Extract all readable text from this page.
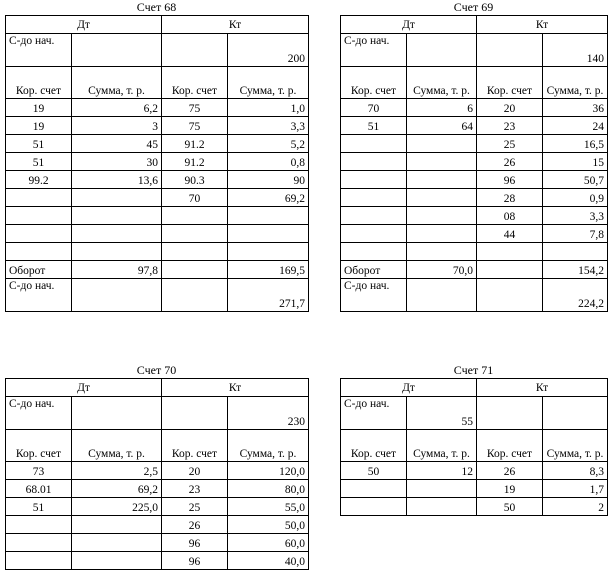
Счет 68
Дт		Кт	
С-до нач.			200
Кор. счет	Сумма, т. р.	Кор. счет	Сумма, т. р.
19	6,2	75	1,0
19	3	75	3,3
51	45	91.2	5,2
51	30	91.2	0,8
99.2	13,6	90.3	90
		70	69,2

Оборот	97,8		169,5
С-до нач.			271,7
Счет 69
Дт		Кт	
С-до нач.			140
Кор. счет	Сумма, т. р.	Кор. счет	Сумма, т. р.
70	6	20	36
51	64	23	24
		25	16,5
		26	15
		96	50,7
		28	0,9
		08	3,3
		44	7,8

Оборот	70,0		154,2
С-до нач.			224,2
Счет 70
Дт		Кт	
С-до нач.			230
Кор. счет	Сумма, т. р.	Кор. счет	Сумма, т. р.
73	2,5	20	120,0
68.01	69,2	23	80,0
51	225,0	25	55,0
		26	50,0
		96	60,0
		96	40,0
Счет 71
Дт		Кт	
С-до нач.	55		
Кор. счет	Сумма, т. р.	Кор. счет	Сумма, т. р.
50	12	26	8,3
		19	1,7
		50	2
